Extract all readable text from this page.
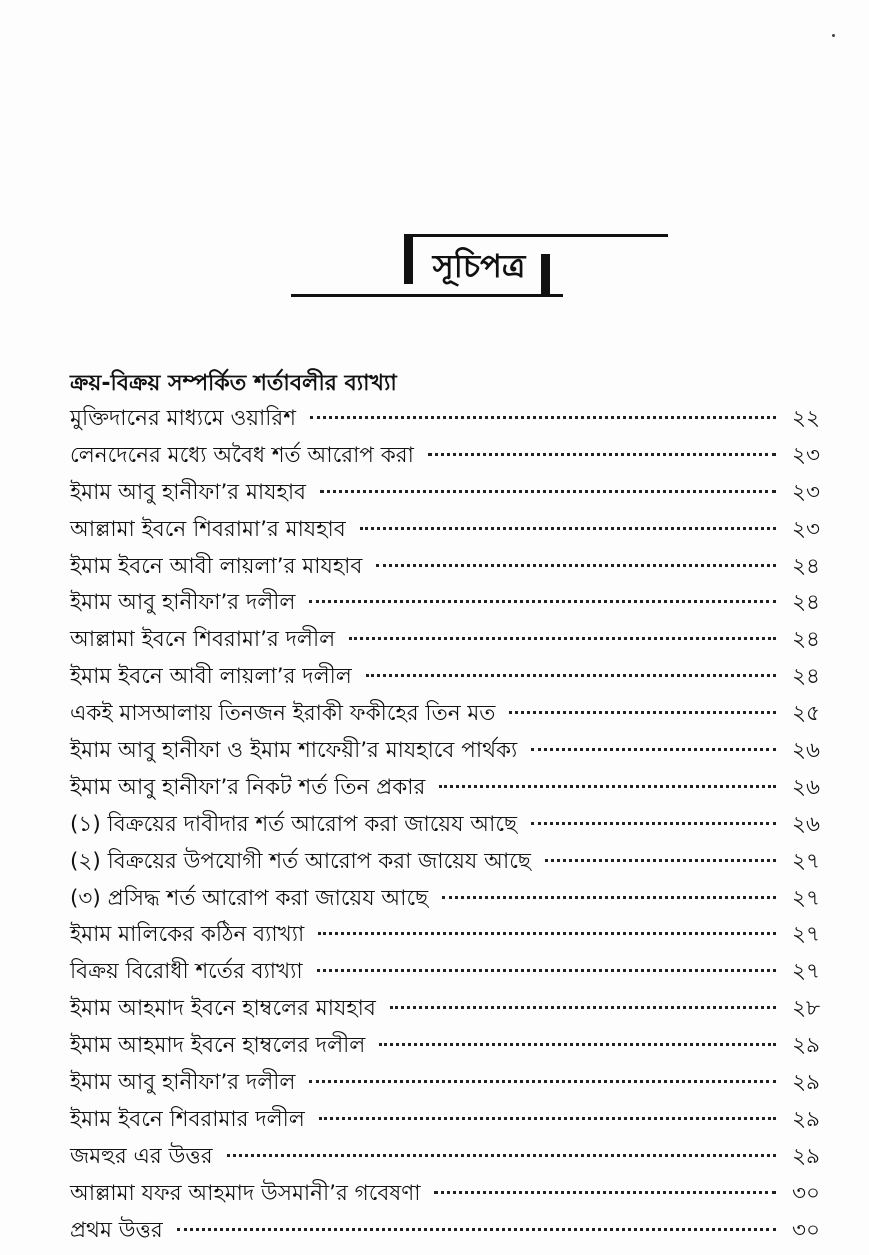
সূচিপত্র
ক্রয়-বিক্রয় সম্পর্কিত শর্তাবলীর ব্যাখ্যা
মুক্তিদানের মাধ্যমে ওয়ারিশ	২২
লেনদেনের মধ্যে অবৈধ শর্ত আরোপ করা	২৩
ইমাম আবু হানীফা’র মাযহাব	২৩
আল্লামা ইবনে শিবরামা’র মাযহাব	২৩
ইমাম ইবনে আবী লায়লা’র মাযহাব	২৪
ইমাম আবু হানীফা’র দলীল	২৪
আল্লামা ইবনে শিবরামা’র দলীল	২৪
ইমাম ইবনে আবী লায়লা’র দলীল	২৪
একই মাসআলায় তিনজন ইরাকী ফকীহের তিন মত	২৫
ইমাম আবু হানীফা ও ইমাম শাফেয়ী’র মাযহাবে পার্থক্য	২৬
ইমাম আবু হানীফা’র নিকট শর্ত তিন প্রকার	২৬
(১) বিক্রয়ের দাবীদার শর্ত আরোপ করা জায়েয আছে	২৬
(২) বিক্রয়ের উপযোগী শর্ত আরোপ করা জায়েয আছে	২৭
(৩) প্রসিদ্ধ শর্ত আরোপ করা জায়েয আছে	২৭
ইমাম মালিকের কঠিন ব্যাখ্যা	২৭
বিক্রয় বিরোধী শর্তের ব্যাখ্যা	২৭
ইমাম আহমাদ ইবনে হাম্বলের মাযহাব	২৮
ইমাম আহমাদ ইবনে হাম্বলের দলীল	২৯
ইমাম আবু হানীফা’র দলীল	২৯
ইমাম ইবনে শিবরামার দলীল	২৯
জমহুর এর উত্তর	২৯
আল্লামা যফর আহমাদ উসমানী’র গবেষণা	৩০
প্রথম উত্তর	৩০
